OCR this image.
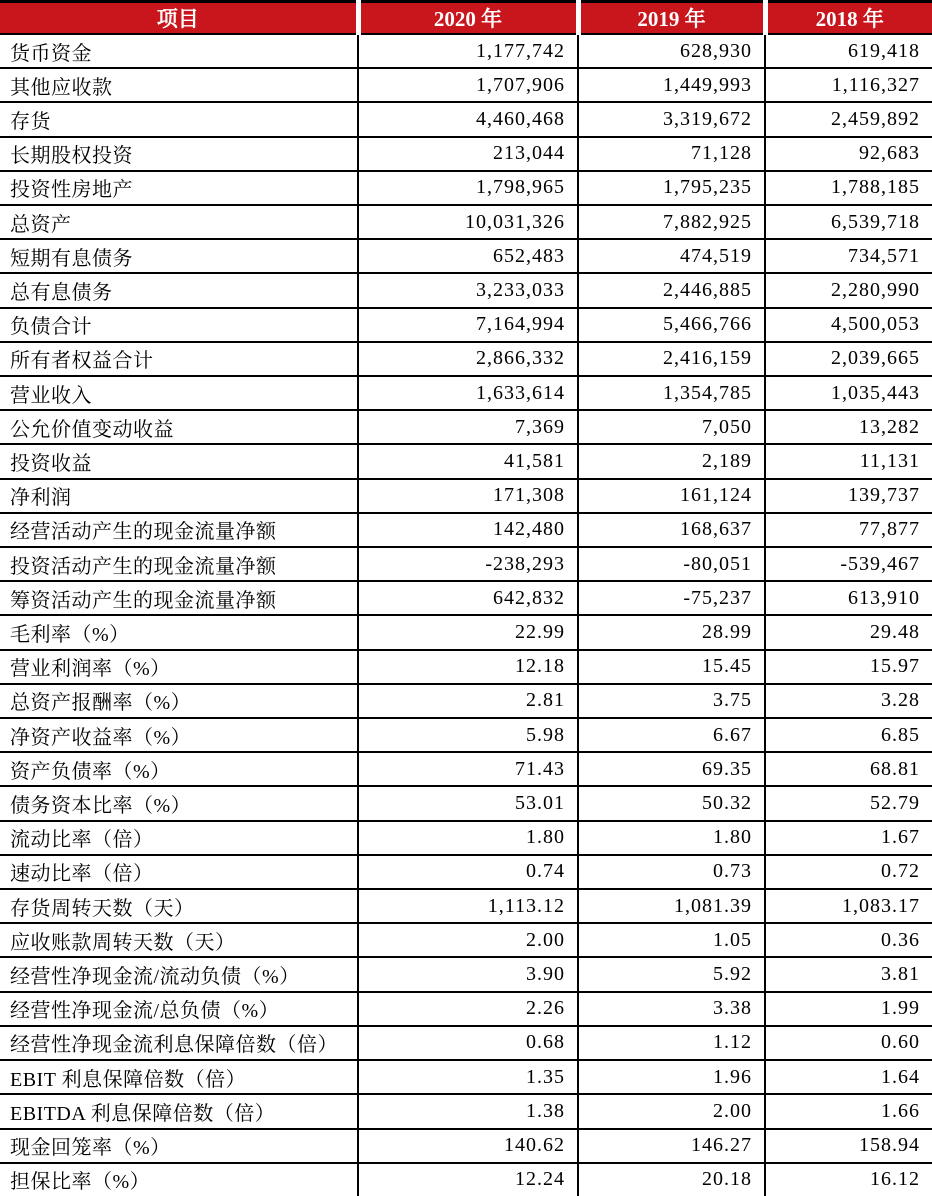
项目	2020 年	2019 年	2018 年
货币资金	1,177,742	628,930	619,418
其他应收款	1,707,906	1,449,993	1,116,327
存货	4,460,468	3,319,672	2,459,892
长期股权投资	213,044	71,128	92,683
投资性房地产	1,798,965	1,795,235	1,788,185
总资产	10,031,326	7,882,925	6,539,718
短期有息债务	652,483	474,519	734,571
总有息债务	3,233,033	2,446,885	2,280,990
负债合计	7,164,994	5,466,766	4,500,053
所有者权益合计	2,866,332	2,416,159	2,039,665
营业收入	1,633,614	1,354,785	1,035,443
公允价值变动收益	7,369	7,050	13,282
投资收益	41,581	2,189	11,131
净利润	171,308	161,124	139,737
经营活动产生的现金流量净额	142,480	168,637	77,877
投资活动产生的现金流量净额	-238,293	-80,051	-539,467
筹资活动产生的现金流量净额	642,832	-75,237	613,910
毛利率（%）	22.99	28.99	29.48
营业利润率（%）	12.18	15.45	15.97
总资产报酬率（%）	2.81	3.75	3.28
净资产收益率（%）	5.98	6.67	6.85
资产负债率（%）	71.43	69.35	68.81
债务资本比率（%）	53.01	50.32	52.79
流动比率（倍）	1.80	1.80	1.67
速动比率（倍）	0.74	0.73	0.72
存货周转天数（天）	1,113.12	1,081.39	1,083.17
应收账款周转天数（天）	2.00	1.05	0.36
经营性净现金流/流动负债（%）	3.90	5.92	3.81
经营性净现金流/总负债（%）	2.26	3.38	1.99
经营性净现金流利息保障倍数（倍）	0.68	1.12	0.60
EBIT 利息保障倍数（倍）	1.35	1.96	1.64
EBITDA 利息保障倍数（倍）	1.38	2.00	1.66
现金回笼率（%）	140.62	146.27	158.94
担保比率（%）	12.24	20.18	16.12
